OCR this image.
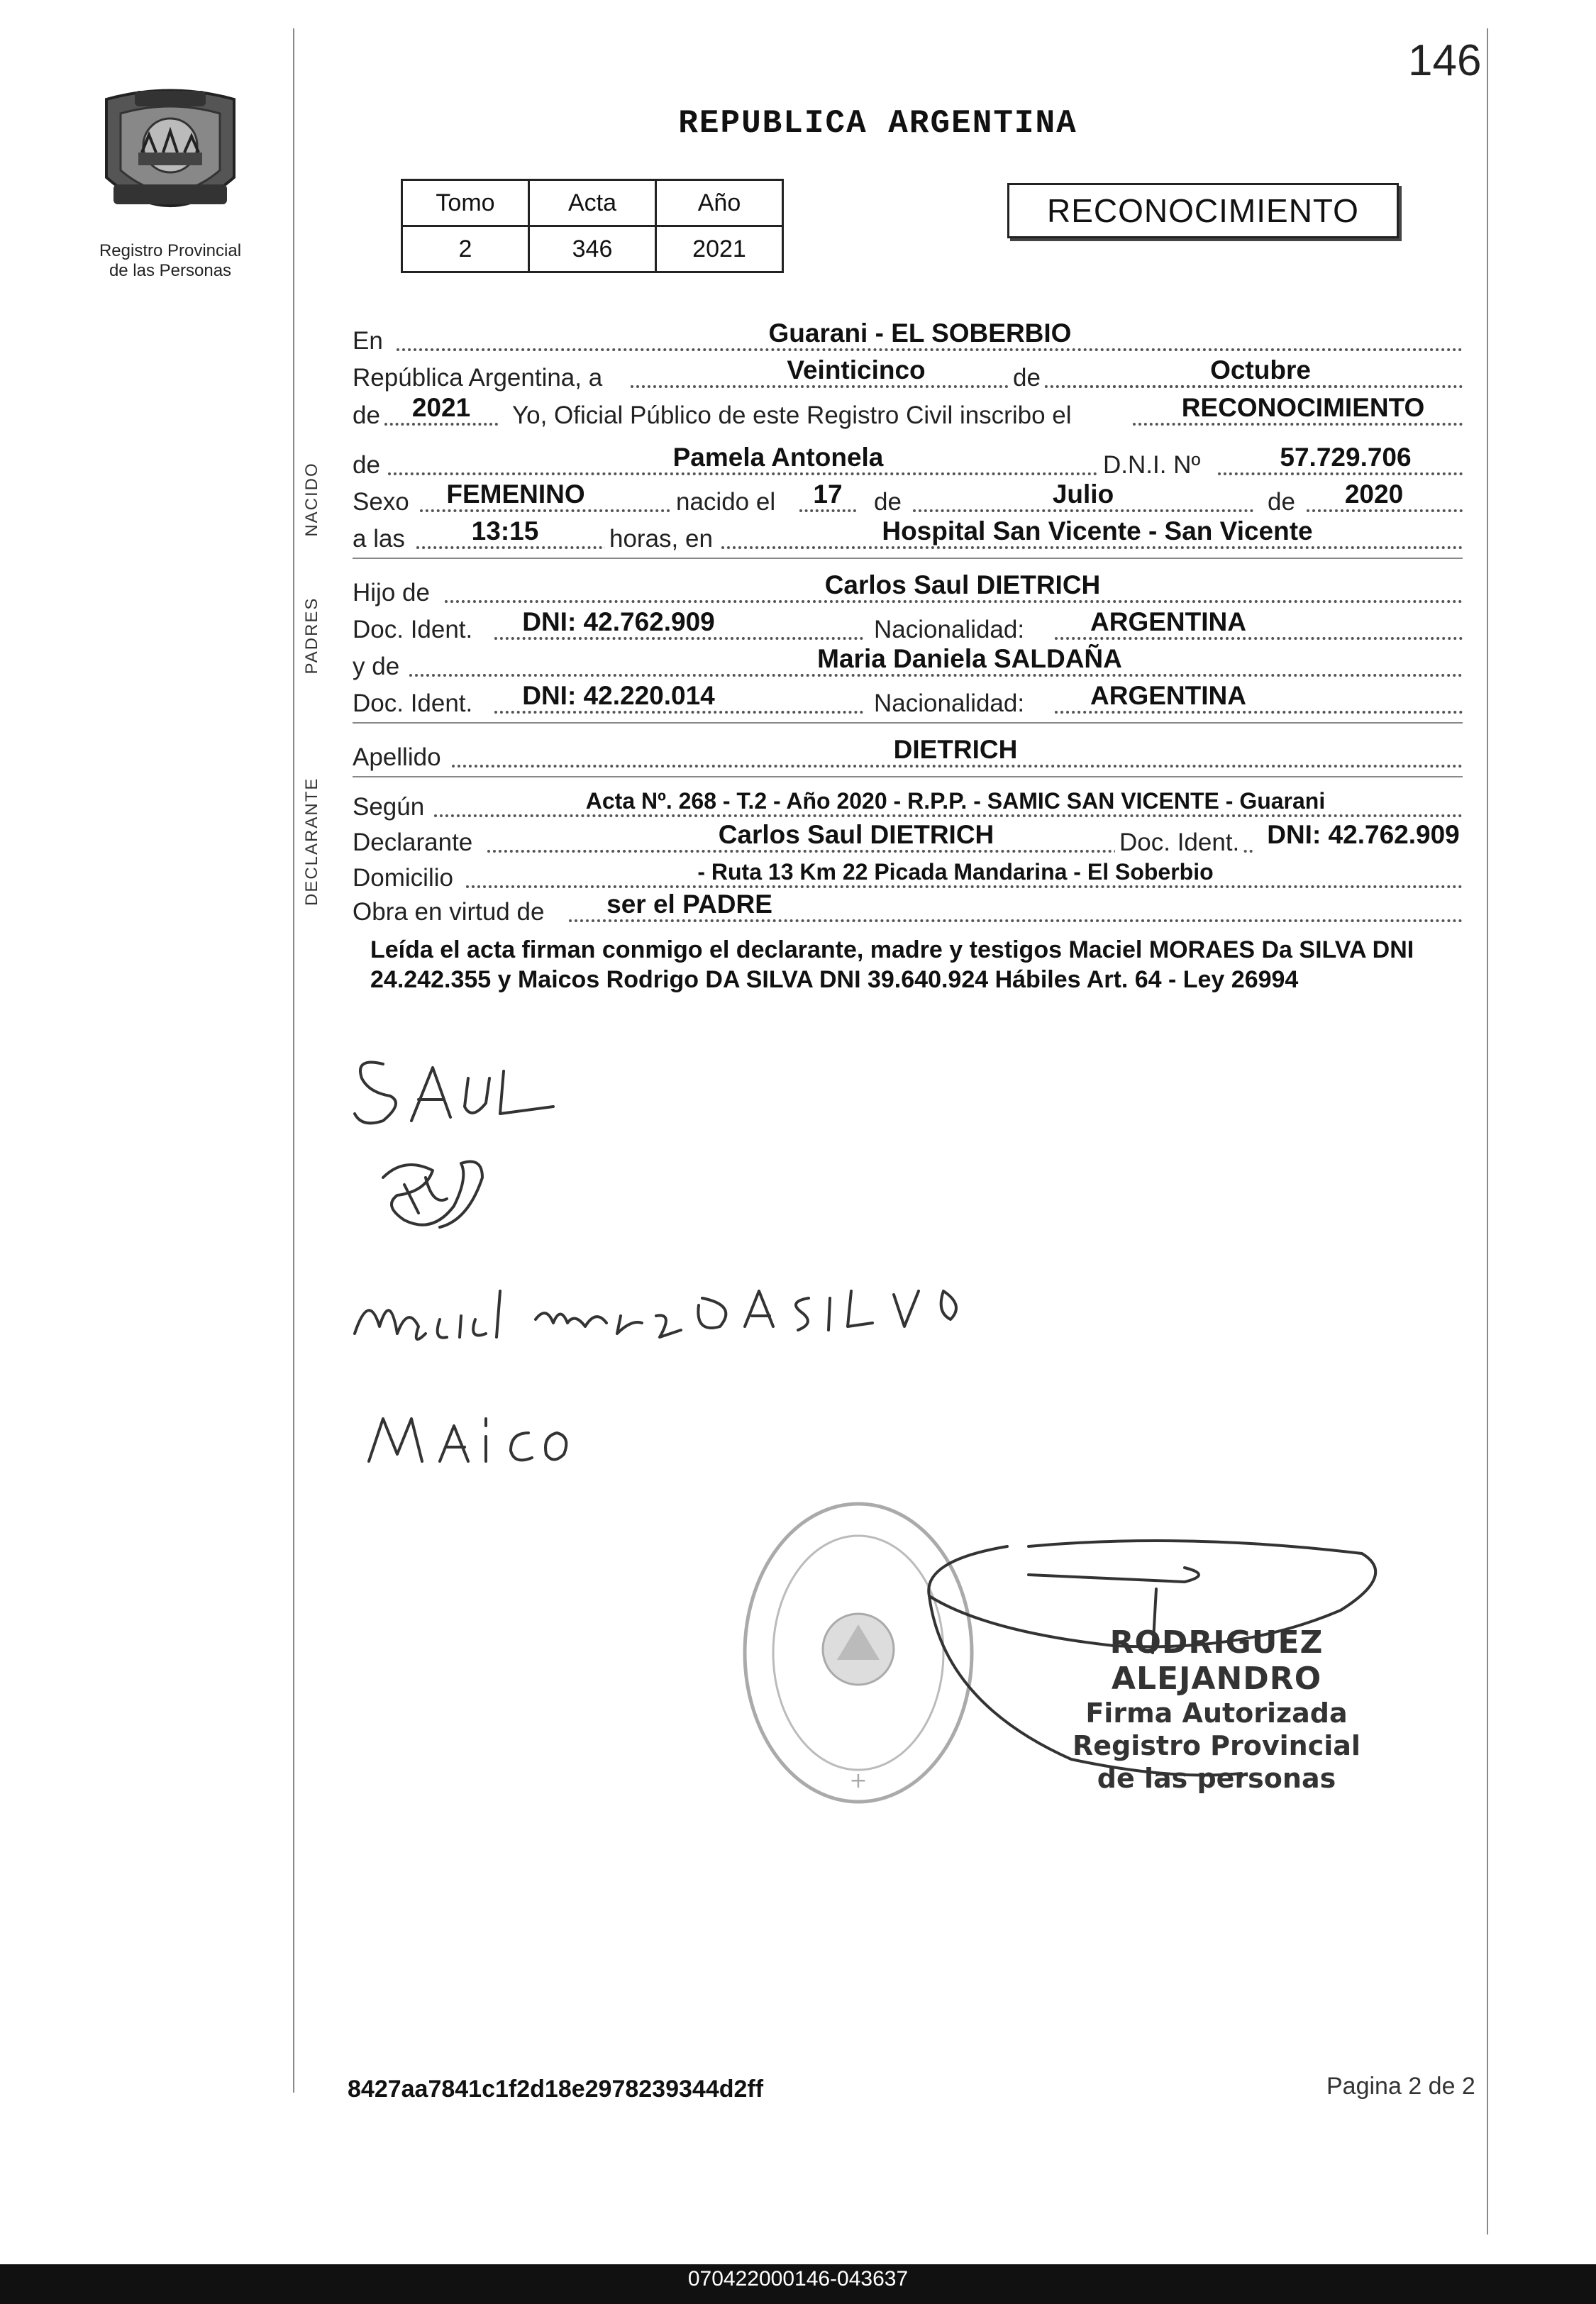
146
Registro Provincial
de las Personas
REPUBLICA ARGENTINA
Tomo	Acta	Año
2	346	2021
RECONOCIMIENTO
En	Guarani - EL SOBERBIO
República Argentina, a	Veinticinco	de	Octubre
de	2021	Yo, Oficial Público de este Registro Civil inscribo el	RECONOCIMIENTO
de	Pamela Antonela	D.N.I. Nº	57.729.706
Sexo	FEMENINO	nacido el	17	de	Julio	de	2020
a las	13:15	horas, en	Hospital San Vicente - San Vicente
Hijo de	Carlos Saul DIETRICH
Doc. Ident.	DNI: 42.762.909	Nacionalidad:	ARGENTINA
y de	Maria Daniela SALDAÑA
Doc. Ident.	DNI: 42.220.014	Nacionalidad:	ARGENTINA
Apellido	DIETRICH
Según	Acta Nº. 268 - T.2 - Año 2020 - R.P.P. - SAMIC SAN VICENTE - Guarani
Declarante	Carlos Saul DIETRICH	Doc. Ident. DNI: 42.762.909
Domicilio	- Ruta 13 Km 22 Picada Mandarina - El Soberbio
Obra en virtud de	ser el PADRE
NACIDO
PADRES
DECLARANTE
Leída el acta firman conmigo el declarante, madre y testigos Maciel MORAES Da SILVA DNI 24.242.355 y Maicos Rodrigo DA SILVA DNI 39.640.924 Hábiles Art. 64 - Ley 26994
+
RODRIGUEZ ALEJANDRO
Firma Autorizada
Registro Provincial
de las personas
8427aa7841c1f2d18e2978239344d2ff	Pagina 2 de 2
070422000146-043637
